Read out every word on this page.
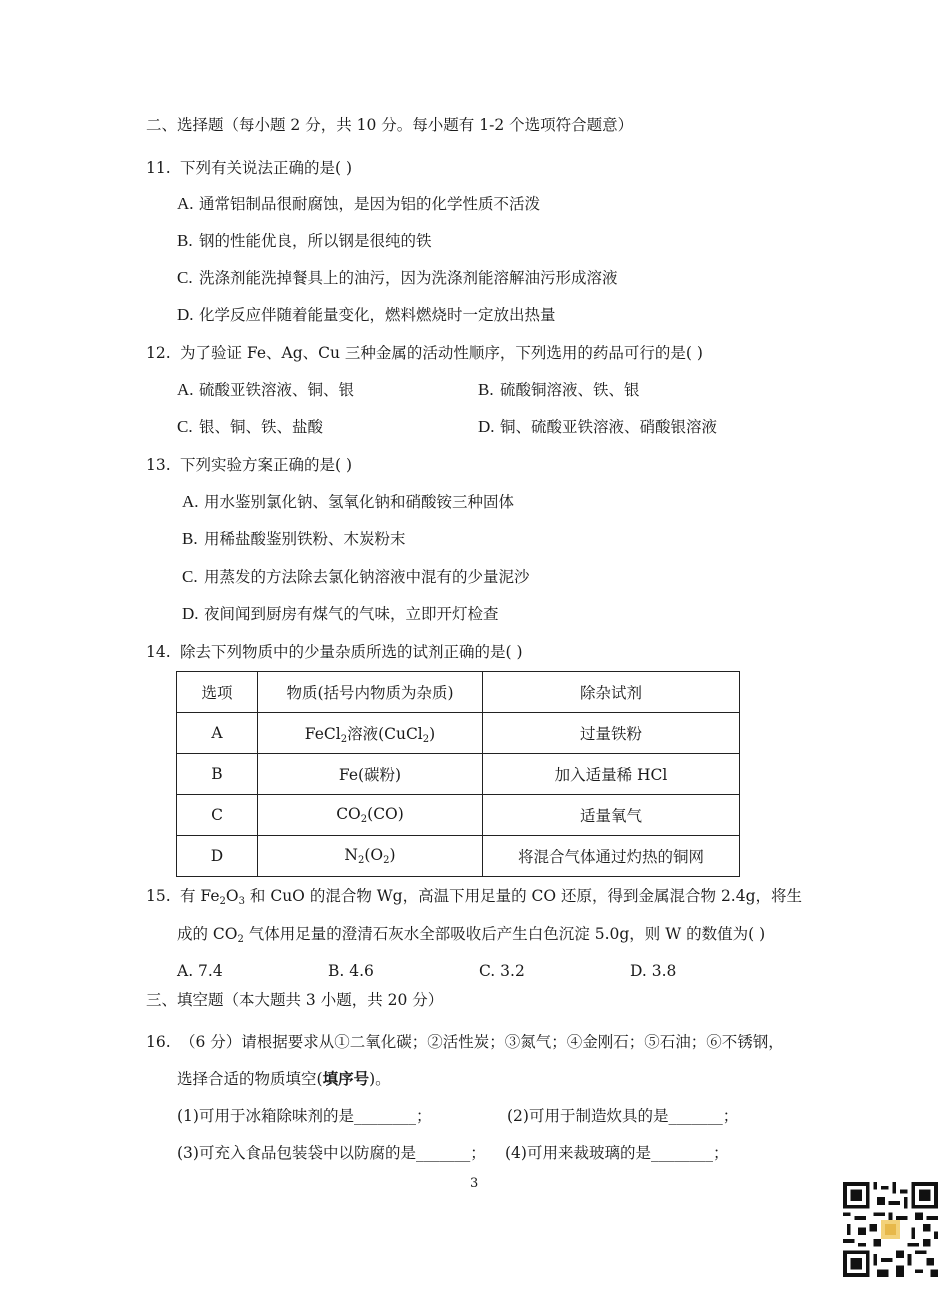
二、选择题（每小题 2 分，共 10 分。每小题有 1-2 个选项符合题意）
11. 下列有关说法正确的是( )
A. 通常铝制品很耐腐蚀，是因为铝的化学性质不活泼
B. 钢的性能优良，所以钢是很纯的铁
C. 洗涤剂能洗掉餐具上的油污，因为洗涤剂能溶解油污形成溶液
D. 化学反应伴随着能量变化，燃料燃烧时一定放出热量
12. 为了验证 Fe、Ag、Cu 三种金属的活动性顺序，下列选用的药品可行的是( )
A. 硫酸亚铁溶液、铜、银	B. 硫酸铜溶液、铁、银
C. 银、铜、铁、盐酸	D. 铜、硫酸亚铁溶液、硝酸银溶液
13. 下列实验方案正确的是( )
A. 用水鉴别氯化钠、氢氧化钠和硝酸铵三种固体
B. 用稀盐酸鉴别铁粉、木炭粉末
C. 用蒸发的方法除去氯化钠溶液中混有的少量泥沙
D. 夜间闻到厨房有煤气的气味，立即开灯检查
14. 除去下列物质中的少量杂质所选的试剂正确的是( )
选项	物质(括号内物质为杂质)	除杂试剂
A	FeCl$_2$溶液(CuCl$_2$)	过量铁粉
B	Fe(碳粉)	加入适量稀 HCl
C	$CO_2(CO)$	适量氧气
D	$N_2(O_2)$	将混合气体通过灼热的铜网
15. 有 $Fe_2O_3$ 和 CuO 的混合物 Wg，高温下用足量的 CO 还原，得到金属混合物 2.4g，将生
成的 $CO_2$ 气体用足量的澄清石灰水全部吸收后产生白色沉淀 5.0g，则 W 的数值为( )
A. 7.4	B. 4.6	C. 3.2	D. 3.8
三、填空题（本大题共 3 小题，共 20 分）
16. （6 分）请根据要求从①二氧化碳；②活性炭；③氮气；④金刚石；⑤石油；⑥不锈钢，
选择合适的物质填空(填序号)。
(1)可用于冰箱除味剂的是________；	(2)可用于制造炊具的是_______；
(3)可充入食品包装袋中以防腐的是_______； (4)可用来裁玻璃的是________；
3
